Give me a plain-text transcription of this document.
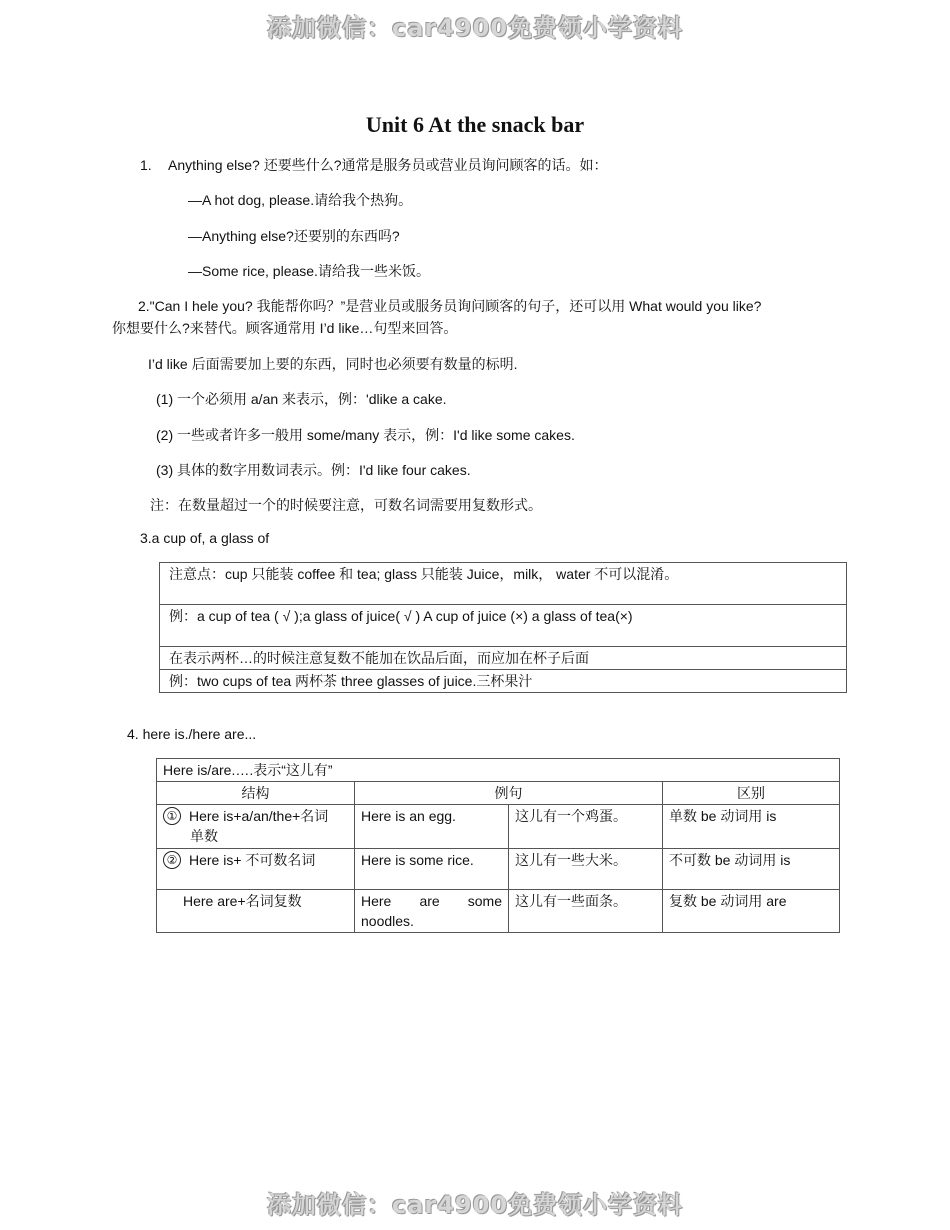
添加微信：car4900免费领小学资料
添加微信：car4900免费领小学资料
Unit 6 At the snack bar
1. Anything else? 还要些什么?通常是服务员或营业员询问顾客的话。如：
—A hot dog, please.请给我个热狗。
—Anything else?还要别的东西吗?
—Some rice, please.请给我一些米饭。
2."Can I hele you? 我能帮你吗？”是营业员或服务员询问顾客的句子，还可以用 What would you like?
你想要什么?来替代。顾客通常用 I’d like…句型来回答。
I’d like 后面需要加上要的东西，同时也必须要有数量的标明.
(1) 一个必须用 a/an 来表示，例：'dlike a cake.
(2) 一些或者许多一般用 some/many 表示，例：I'd like some cakes.
(3) 具体的数字用数词表示。例：I'd like four cakes.
注：在数量超过一个的时候要注意，可数名词需要用复数形式。
3.a cup of, a glass of
注意点：cup 只能装 coffee 和 tea; glass 只能装 Juice，milk， water 不可以混淆。
例：a cup of tea ( √ );a glass of juice( √ ) A cup of juice (×) a glass of tea(×)
在表示两杯…的时候注意复数不能加在饮品后面，而应加在杯子后面
例：two cups of tea 两杯茶 three glasses of juice.三杯果汁
4. here is./here are...
Here is/are.….表示“这儿有”			
结构	例句		区别
① Here is+a/an/the+名词
单数	Here is an egg.	这儿有一个鸡蛋。	单数 be 动词用 is
② Here is+ 不可数名词	Here is some rice.	这儿有一些大米。	不可数 be 动词用 is
Here are+名词复数	Here are some
noodles.	这儿有一些面条。	复数 be 动词用 are
